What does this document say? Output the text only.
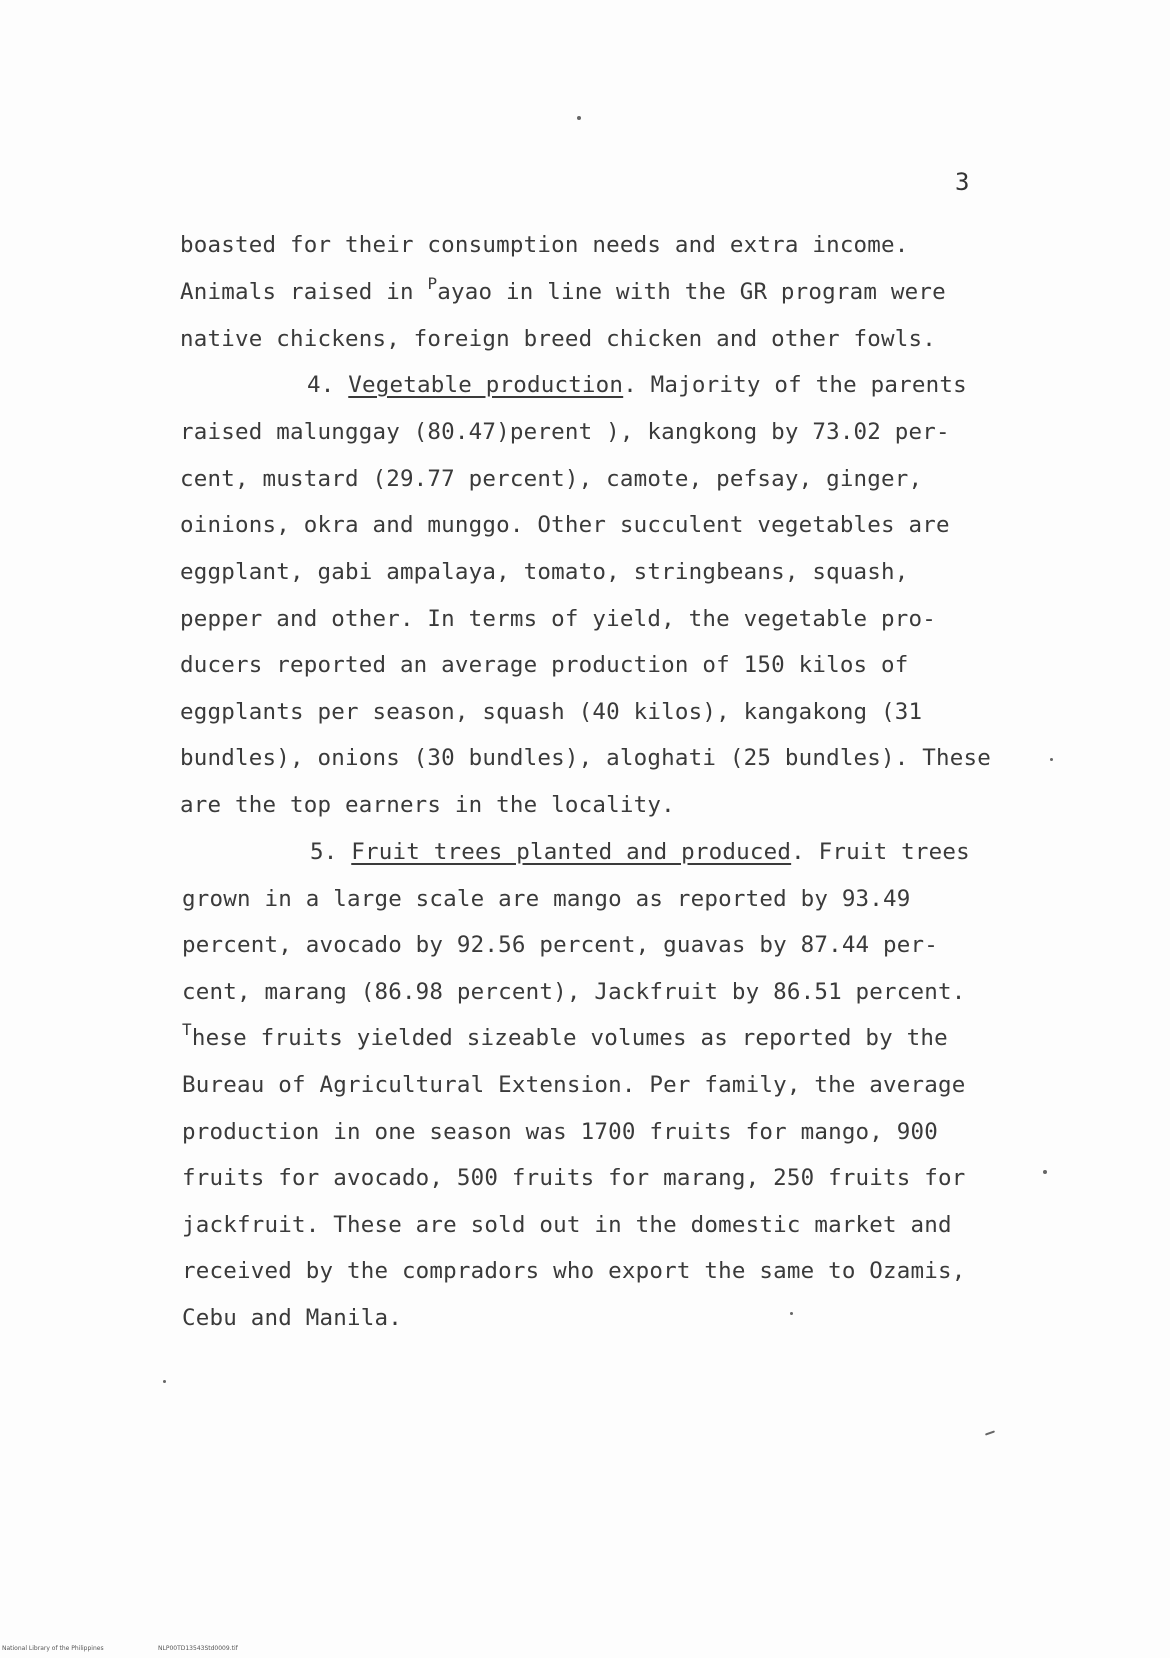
3
boasted for their consumption needs and extra income.
Animals raised in $^P$ayao in line with the GR program were
native chickens, foreign breed chicken and other fowls.
4. Vegetable production. Majority of the parents
raised malunggay (80.47)perent ), kangkong by 73.02 per-
cent, mustard (29.77 percent), camote, pefsay, ginger,
oinions, okra and munggo. Other succulent vegetables are
eggplant, gabi ampalaya, tomato, stringbeans, squash,
pepper and other. In terms of yield, the vegetable pro-
ducers reported an average production of 150 kilos of
eggplants per season, squash (40 kilos), kangakong (31
bundles), onions (30 bundles), aloghati (25 bundles). These
are the top earners in the locality.
5. Fruit trees planted and produced. Fruit trees
grown in a large scale are mango as reported by 93.49
percent, avocado by 92.56 percent, guavas by 87.44 per-
cent, marang (86.98 percent), Jackfruit by 86.51 percent.
$^T$hese fruits yielded sizeable volumes as reported by the
Bureau of Agricultural Extension. Per family, the average
production in one season was 1700 fruits for mango, 900
fruits for avocado, 500 fruits for marang, 250 fruits for
jackfruit. These are sold out in the domestic market and
received by the compradors who export the same to Ozamis,
Cebu and Manila.
National Library of the Philippines	NLP00TD13543Std0009.tif
